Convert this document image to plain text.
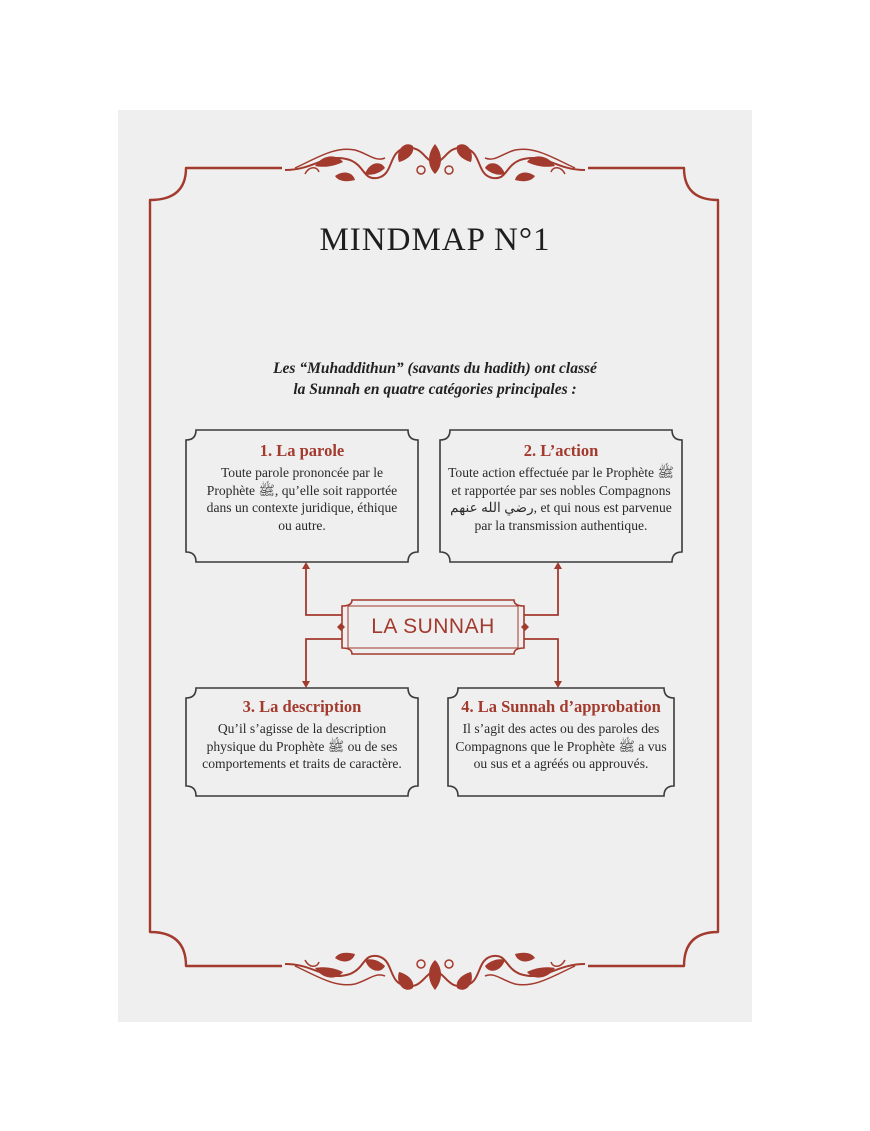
MINDMAP N°1
Les “Muhaddithun” (savants du hadith) ont classé
la Sunnah en quatre catégories principales :
1. La parole
Toute parole prononcée par le Prophète ﷺ, qu’elle soit rapportée dans un contexte juridique, éthique ou autre.
2. L’action
Toute action effectuée par le Prophète ﷺ et rapportée par ses nobles Compagnons رضي الله عنهم, et qui nous est parvenue par la transmission authentique.
LA SUNNAH
3. La description
Qu’il s’agisse de la description physique du Prophète ﷺ ou de ses comportements et traits de caractère.
4. La Sunnah d’approbation
Il s’agit des actes ou des paroles des Compagnons que le Prophète ﷺ a vus ou sus et a agréés ou approuvés.
